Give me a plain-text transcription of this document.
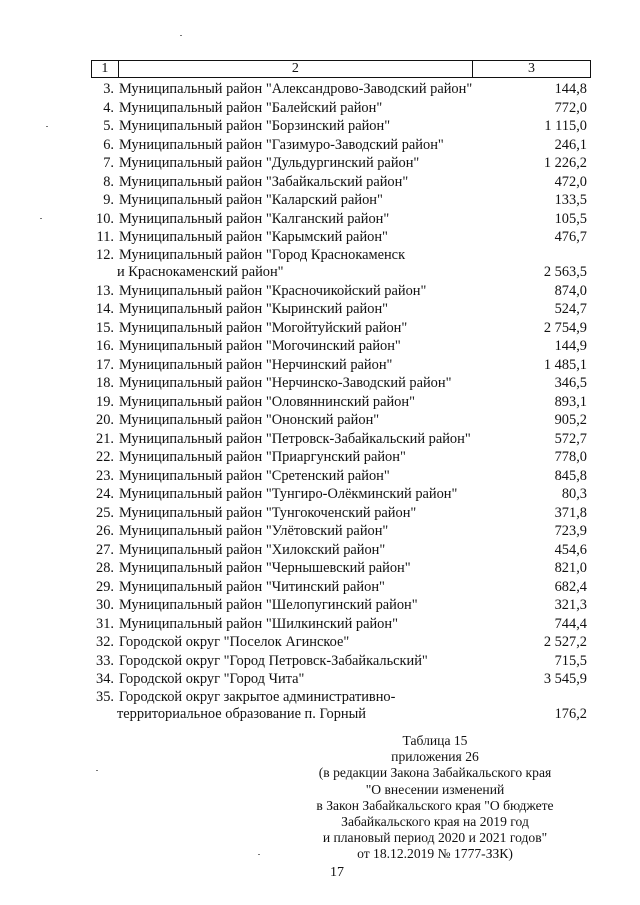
1	2	3
3. Муниципальный район "Александрово-Заводский район"	144,8
4. Муниципальный район "Балейский район"	772,0
5. Муниципальный район "Борзинский район"	1 115,0
6. Муниципальный район "Газимуро-Заводский район"	246,1
7. Муниципальный район "Дульдургинский район"	1 226,2
8. Муниципальный район "Забайкальский район"	472,0
9. Муниципальный район "Каларский район"	133,5
10. Муниципальный район "Калганский район"	105,5
11. Муниципальный район "Карымский район"	476,7
12. Муниципальный район "Город Краснокаменск
и Краснокаменский район"	2 563,5
13. Муниципальный район "Красночикойский район"	874,0
14. Муниципальный район "Кыринский район"	524,7
15. Муниципальный район "Могойтуйский район"	2 754,9
16. Муниципальный район "Могочинский район"	144,9
17. Муниципальный район "Нерчинский район"	1 485,1
18. Муниципальный район "Нерчинско-Заводский район"	346,5
19. Муниципальный район "Оловяннинский район"	893,1
20. Муниципальный район "Ононский район"	905,2
21. Муниципальный район "Петровск-Забайкальский район"	572,7
22. Муниципальный район "Приаргунский район"	778,0
23. Муниципальный район "Сретенский район"	845,8
24. Муниципальный район "Тунгиро-Олёкминский район"	80,3
25. Муниципальный район "Тунгокоченский район"	371,8
26. Муниципальный район "Улётовский район"	723,9
27. Муниципальный район "Хилокский район"	454,6
28. Муниципальный район "Чернышевский район"	821,0
29. Муниципальный район "Читинский район"	682,4
30. Муниципальный район "Шелопугинский район"	321,3
31. Муниципальный район "Шилкинский район"	744,4
32. Городской округ "Поселок Агинское"	2 527,2
33. Городской округ "Город Петровск-Забайкальский"	715,5
34. Городской округ "Город Чита"	3 545,9
35. Городской округ закрытое административно-
территориальное образование п. Горный	176,2
Таблица 15
приложения 26
(в редакции Закона Забайкальского края
"О внесении изменений
в Закон Забайкальского края "О бюджете
Забайкальского края на 2019 год
и плановый период 2020 и 2021 годов"
от 18.12.2019 № 1777-ЗЗК)
17
